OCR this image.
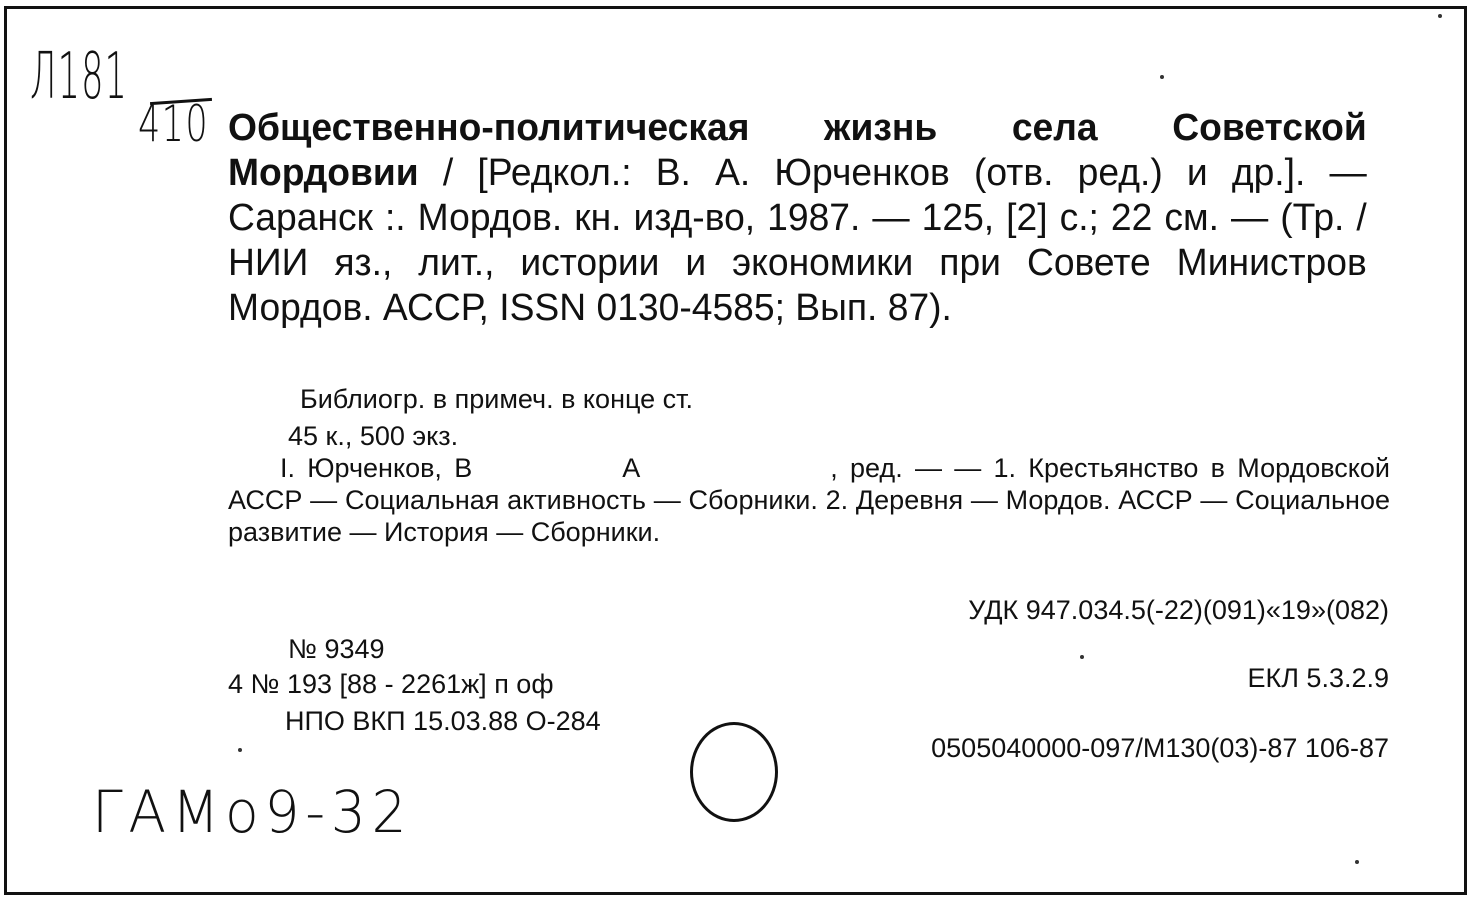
Л181
410 Общественно-политическая жизнь села Советской Мордовии / [Редкол.: В. А. Юрченков (отв. ред.) и др.]. — Саранск :. Мордов. кн. изд-во, 1987. — 125, [2] с.; 22 см. — (Тр. / НИИ яз., лит., истории и экономики при Совете Министров Мордов. АССР, ISSN 0130-4585; Вып. 87).
Библиогр. в примеч. в конце ст.
45 к., 500 экз.
I. Юрченков, В	А	, ред. — — 1. Крестьянство в Мордовской АССР — Социальная активность — Сборники. 2. Деревня — Мордов. АССР — Социальное развитие — История — Сборники.
УДК 947.034.5(-22)(091)«19»(082)
№ 9349
4 № 193 [88 - 2261ж] п оф	ЕКЛ 5.3.2.9
НПО ВКП 15.03.88 О-284
0505040000-097/М130(03)-87 106-87
ГАМо9-32
